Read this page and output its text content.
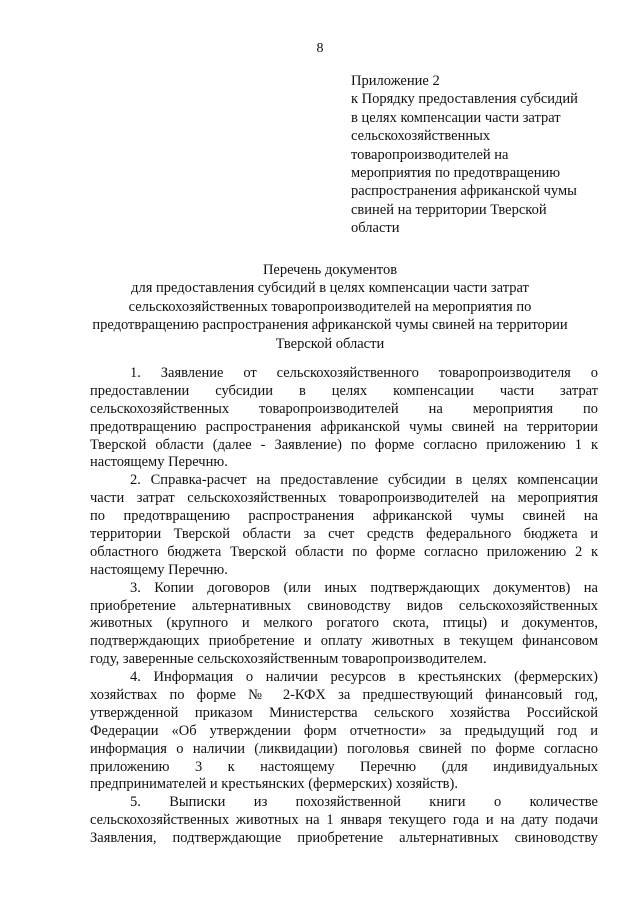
8
Приложение 2
к Порядку предоставления субсидий
в целях компенсации части затрат
сельскохозяйственных
товаропроизводителей на
мероприятия по предотвращению
распространения африканской чумы
свиней на территории Тверской
области
Перечень документов
для предоставления субсидий в целях компенсации части затрат
сельскохозяйственных товаропроизводителей на мероприятия по
предотвращению распространения африканской чумы свиней на территории
Тверской области
1. Заявление от сельскохозяйственного товаропроизводителя о
предоставлении субсидии в целях компенсации части затрат
сельскохозяйственных товаропроизводителей на мероприятия по
предотвращению распространения африканской чумы свиней на территории
Тверской области (далее - Заявление) по форме согласно приложению 1 к
настоящему Перечню.
2. Справка-расчет на предоставление субсидии в целях компенсации
части затрат сельскохозяйственных товаропроизводителей на мероприятия
по предотвращению распространения африканской чумы свиней на
территории Тверской области за счет средств федерального бюджета и
областного бюджета Тверской области по форме согласно приложению 2 к
настоящему Перечню.
3. Копии договоров (или иных подтверждающих документов) на
приобретение альтернативных свиноводству видов сельскохозяйственных
животных (крупного и мелкого рогатого скота, птицы) и документов,
подтверждающих приобретение и оплату животных в текущем финансовом
году, заверенные сельскохозяйственным товаропроизводителем.
4. Информация о наличии ресурсов в крестьянских (фермерских)
хозяйствах по форме № 2-КФХ за предшествующий финансовый год,
утвержденной приказом Министерства сельского хозяйства Российской
Федерации «Об утверждении форм отчетности» за предыдущий год и
информация о наличии (ликвидации) поголовья свиней по форме согласно
приложению 3 к настоящему Перечню (для индивидуальных
предпринимателей и крестьянских (фермерских) хозяйств).
5. Выписки из похозяйственной книги о количестве
сельскохозяйственных животных на 1 января текущего года и на дату подачи
Заявления, подтверждающие приобретение альтернативных свиноводству
